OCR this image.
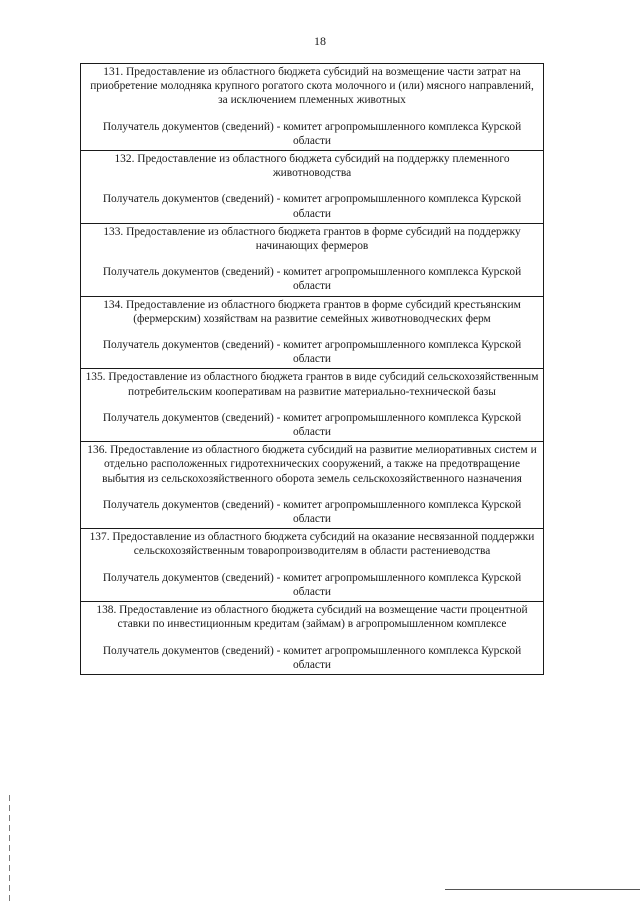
18
131. Предоставление из областного бюджета субсидий на возмещение части затрат на приобретение молодняка крупного рогатого скота молочного и (или) мясного направлений, за исключением племенных животных
Получатель документов (сведений) - комитет агропромышленного комплекса Курской области
132. Предоставление из областного бюджета субсидий на поддержку племенного животноводства
Получатель документов (сведений) - комитет агропромышленного комплекса Курской области
133. Предоставление из областного бюджета грантов в форме субсидий на поддержку начинающих фермеров
Получатель документов (сведений) - комитет агропромышленного комплекса Курской области
134. Предоставление из областного бюджета грантов в форме субсидий крестьянским (фермерским) хозяйствам на развитие семейных животноводческих ферм
Получатель документов (сведений) - комитет агропромышленного комплекса Курской области
135. Предоставление из областного бюджета грантов в виде субсидий сельскохозяйственным потребительским кооперативам на развитие материально-технической базы
Получатель документов (сведений) - комитет агропромышленного комплекса Курской области
136. Предоставление из областного бюджета субсидий на развитие мелиоративных систем и отдельно расположенных гидротехнических сооружений, а также на предотвращение выбытия из сельскохозяйственного оборота земель сельскохозяйственного назначения
Получатель документов (сведений) - комитет агропромышленного комплекса Курской области
137. Предоставление из областного бюджета субсидий на оказание несвязанной поддержки сельскохозяйственным товаропроизводителям в области растениеводства
Получатель документов (сведений) - комитет агропромышленного комплекса Курской области
138. Предоставление из областного бюджета субсидий на возмещение части процентной ставки по инвестиционным кредитам (займам) в агропромышленном комплексе
Получатель документов (сведений) - комитет агропромышленного комплекса Курской области
